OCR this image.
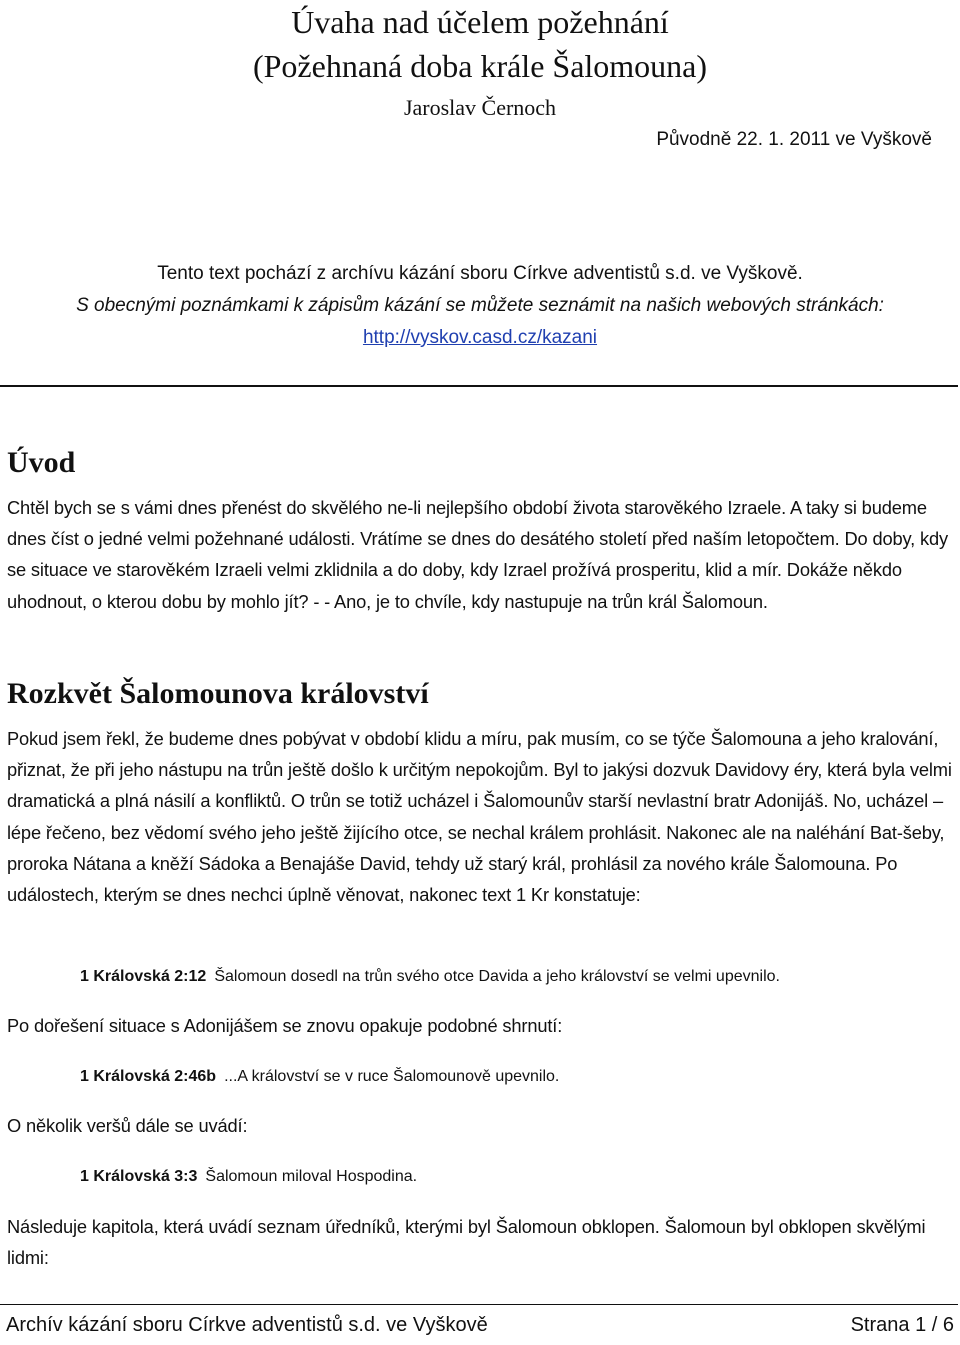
Úvaha nad účelem požehnání
(Požehnaná doba krále Šalomouna)
Jaroslav Černoch
Původně 22. 1. 2011 ve Vyškově
Tento text pochází z archívu kázání sboru Církve adventistů s.d. ve Vyškově.
S obecnými poznámkami k zápisům kázání se můžete seznámit na našich webových stránkách:
http://vyskov.casd.cz/kazani
Úvod

Chtěl bych se s vámi dnes přenést do skvělého ne-li nejlepšího období života starověkého Izraele. A taky si budeme dnes číst o jedné velmi požehnané události. Vrátíme se dnes do desátého století před naším letopočtem. Do doby, kdy se situace ve starověkém Izraeli velmi zklidnila a do doby, kdy Izrael prožívá prosperitu, klid a mír. Dokáže někdo uhodnout, o kterou dobu by mohlo jít? - - Ano, je to chvíle, kdy nastupuje na trůn král Šalomoun.

Rozkvět Šalomounova království

Pokud jsem řekl, že budeme dnes pobývat v období klidu a míru, pak musím, co se týče Šalomouna a jeho kralování, přiznat, že při jeho nástupu na trůn ještě došlo k určitým nepokojům. Byl to jakýsi dozvuk Davidovy éry, která byla velmi dramatická a plná násilí a konfliktů. O trůn se totiž ucházel i Šalomounův starší nevlastní bratr Adonijáš. No, ucházel – lépe řečeno, bez vědomí svého jeho ještě žijícího otce, se nechal králem prohlásit. Nakonec ale na naléhání Bat-šeby, proroka Nátana a kněží Sádoka a Benajáše David, tehdy už starý král, prohlásil za nového krále Šalomouna. Po událostech, kterým se dnes nechci úplně věnovat, nakonec text 1 Kr konstatuje:

1 Královská 2:12 Šalomoun dosedl na trůn svého otce Davida a jeho království se velmi upevnilo.

Po dořešení situace s Adonijášem se znovu opakuje podobné shrnutí:

1 Královská 2:46b ...A království se v ruce Šalomounově upevnilo.

O několik veršů dále se uvádí:

1 Královská 3:3 Šalomoun miloval Hospodina.

Následuje kapitola, která uvádí seznam úředníků, kterými byl Šalomoun obklopen. Šalomoun byl obklopen skvělými lidmi:

Archív kázání sboru Církve adventistů s.d. ve Vyškově	Strana 1 / 6
